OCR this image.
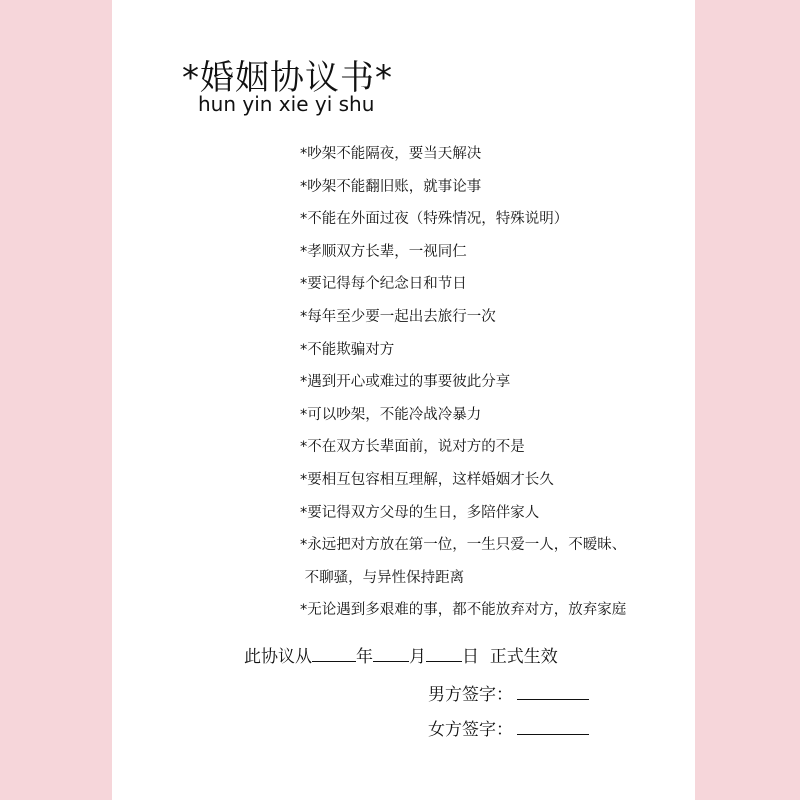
*婚姻协议书*
hun yin xie yi shu
*吵架不能隔夜，要当天解决
*吵架不能翻旧账，就事论事
*不能在外面过夜（特殊情况，特殊说明）
*孝顺双方长辈，一视同仁
*要记得每个纪念日和节日
*每年至少要一起出去旅行一次
*不能欺骗对方
*遇到开心或难过的事要彼此分享
*可以吵架，不能冷战冷暴力
*不在双方长辈面前，说对方的不是
*要相互包容相互理解，这样婚姻才长久
*要记得双方父母的生日，多陪伴家人
*永远把对方放在第一位，一生只爱一人，不暧昧、
不聊骚，与异性保持距离
*无论遇到多艰难的事，都不能放弃对方，放弃家庭
此协议从	年 月 日 正式生效
男方签字：
女方签字：
